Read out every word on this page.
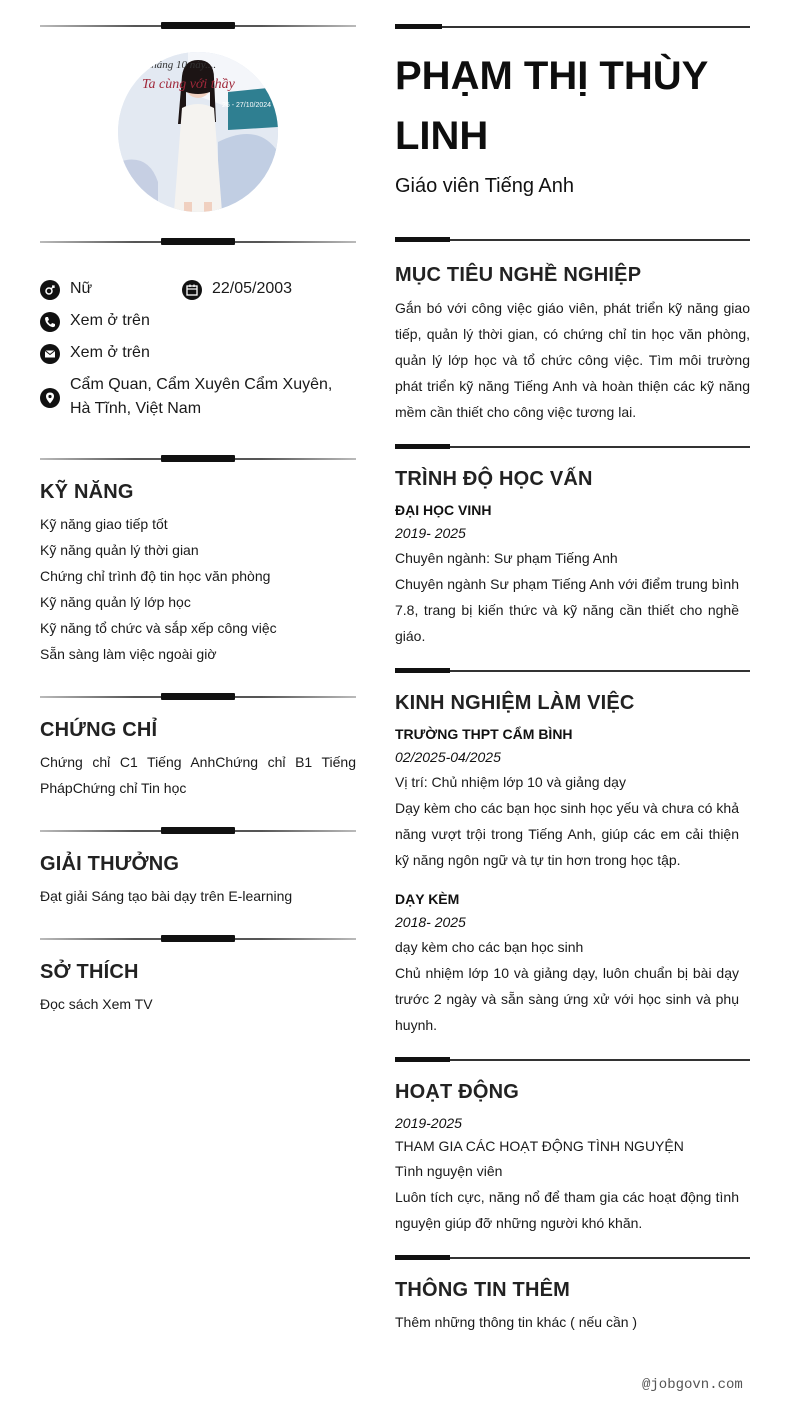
...tháng 10 này....
Ta cùng với thầy
25 - 27/10/2024
Nữ	22/05/2003
Xem ở trên
Xem ở trên
Cẩm Quan, Cẩm Xuyên Cẩm Xuyên, Hà Tĩnh, Việt Nam
KỸ NĂNG
Kỹ năng giao tiếp tốt
Kỹ năng quản lý thời gian
Chứng chỉ trình độ tin học văn phòng
Kỹ năng quản lý lớp học
Kỹ năng tổ chức và sắp xếp công việc
Sẵn sàng làm việc ngoài giờ
CHỨNG CHỈ
Chứng chỉ C1 Tiếng AnhChứng chỉ B1 Tiếng PhápChứng chỉ Tin học
GIẢI THƯỞNG
Đạt giải Sáng tạo bài dạy trên E-learning
SỞ THÍCH
Đọc sách Xem TV
PHẠM THỊ THÙY LINH
Giáo viên Tiếng Anh
MỤC TIÊU NGHỀ NGHIỆP
Gắn bó với công việc giáo viên, phát triển kỹ năng giao tiếp, quản lý thời gian, có chứng chỉ tin học văn phòng, quản lý lớp học và tổ chức công việc. Tìm môi trường phát triển kỹ năng Tiếng Anh và hoàn thiện các kỹ năng mềm cần thiết cho công việc tương lai.
TRÌNH ĐỘ HỌC VẤN
ĐẠI HỌC VINH
2019- 2025
Chuyên ngành: Sư phạm Tiếng Anh
Chuyên ngành Sư phạm Tiếng Anh với điểm trung bình 7.8, trang bị kiến thức và kỹ năng cần thiết cho nghề giáo.
KINH NGHIỆM LÀM VIỆC
TRƯỜNG THPT CẨM BÌNH
02/2025-04/2025
Vị trí: Chủ nhiệm lớp 10 và giảng dạy
Dạy kèm cho các bạn học sinh học yếu và chưa có khả năng vượt trội trong Tiếng Anh, giúp các em cải thiện kỹ năng ngôn ngữ và tự tin hơn trong học tập.
DẠY KÈM
2018- 2025
dạy kèm cho các bạn học sinh
Chủ nhiệm lớp 10 và giảng dạy, luôn chuẩn bị bài dạy trước 2 ngày và sẵn sàng ứng xử với học sinh và phụ huynh.
HOẠT ĐỘNG
2019-2025
THAM GIA CÁC HOẠT ĐỘNG TÌNH NGUYỆN
Tình nguyện viên
Luôn tích cực, năng nổ để tham gia các hoạt động tình nguyện giúp đỡ những người khó khăn.
THÔNG TIN THÊM
Thêm những thông tin khác ( nếu cần )
@jobgovn.com
